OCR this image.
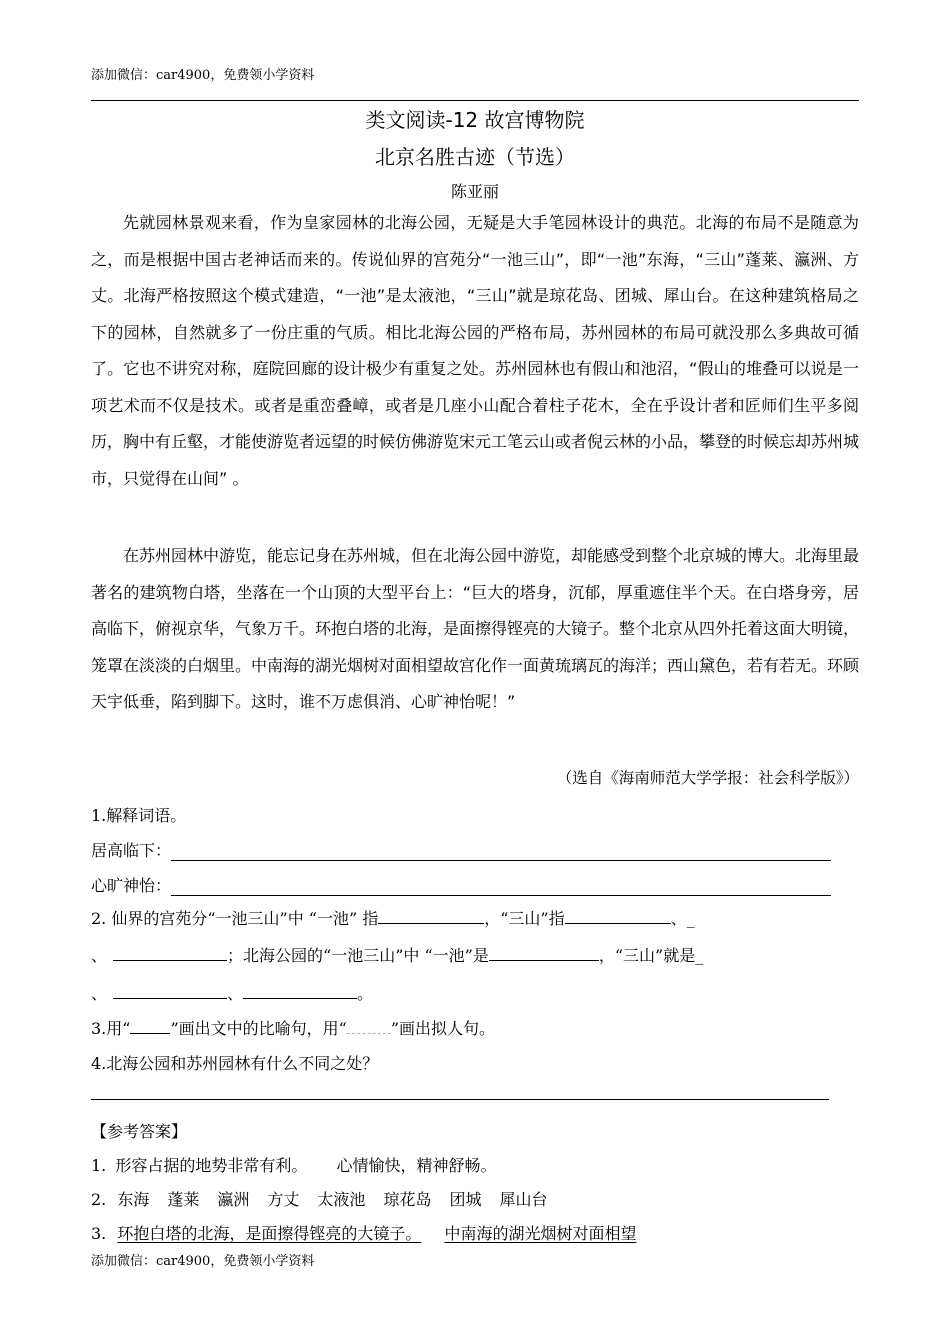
添加微信：car4900，免费领小学资料
类文阅读-12 故宫博物院
北京名胜古迹（节选）
陈亚丽

先就园林景观来看，作为皇家园林的北海公园，无疑是大手笔园林设计的典范。北海的布局不是随意为之，而是根据中国古老神话而来的。传说仙界的宫苑分“一池三山”，即“一池”东海，“三山”蓬莱、瀛洲、方丈。北海严格按照这个模式建造，“一池”是太液池，“三山”就是琼花岛、团城、犀山台。在这种建筑格局之下的园林，自然就多了一份庄重的气质。相比北海公园的严格布局，苏州园林的布局可就没那么多典故可循了。它也不讲究对称，庭院回廊的设计极少有重复之处。苏州园林也有假山和池沼，“假山的堆叠可以说是一项艺术而不仅是技术。或者是重峦叠嶂，或者是几座小山配合着柱子花木，全在乎设计者和匠师们生平多阅历，胸中有丘壑，才能使游览者远望的时候仿佛游览宋元工笔云山或者倪云林的小品，攀登的时候忘却苏州城市，只觉得在山间” 。

在苏州园林中游览，能忘记身在苏州城，但在北海公园中游览，却能感受到整个北京城的博大。北海里最著名的建筑物白塔，坐落在一个山顶的大型平台上：“巨大的塔身，沉郁，厚重遮住半个天。在白塔身旁，居高临下，俯视京华，气象万千。环抱白塔的北海，是面擦得铿亮的大镜子。整个北京从四外托着这面大明镜，笼罩在淡淡的白烟里。中南海的湖光烟树对面相望故宫化作一面黄琉璃瓦的海洋；西山黛色，若有若无。环顾天宇低垂，陷到脚下。这时，谁不万虑俱消、心旷神怡呢！”

（选自《海南师范大学学报：社会科学版》）
1.解释词语。
居高临下：
心旷神怡：
2. 仙界的宫苑分“一池三山”中 “一池” 指	，“三山”指	、_
、	；北海公园的“一池三山”中 “一池”是	，“三山”就是_
、	、	。
3.用“	”画出文中的比喻句，用“	”画出拟人句。
4.北海公园和苏州园林有什么不同之处？
【参考答案】
1. 形容占据的地势非常有利。 心情愉快，精神舒畅。
2. 东海 蓬莱 瀛洲 方丈 太液池 琼花岛 团城 犀山台
3. 环抱白塔的北海，是面擦得铿亮的大镜子。 中南海的湖光烟树对面相望
添加微信：car4900，免费领小学资料
